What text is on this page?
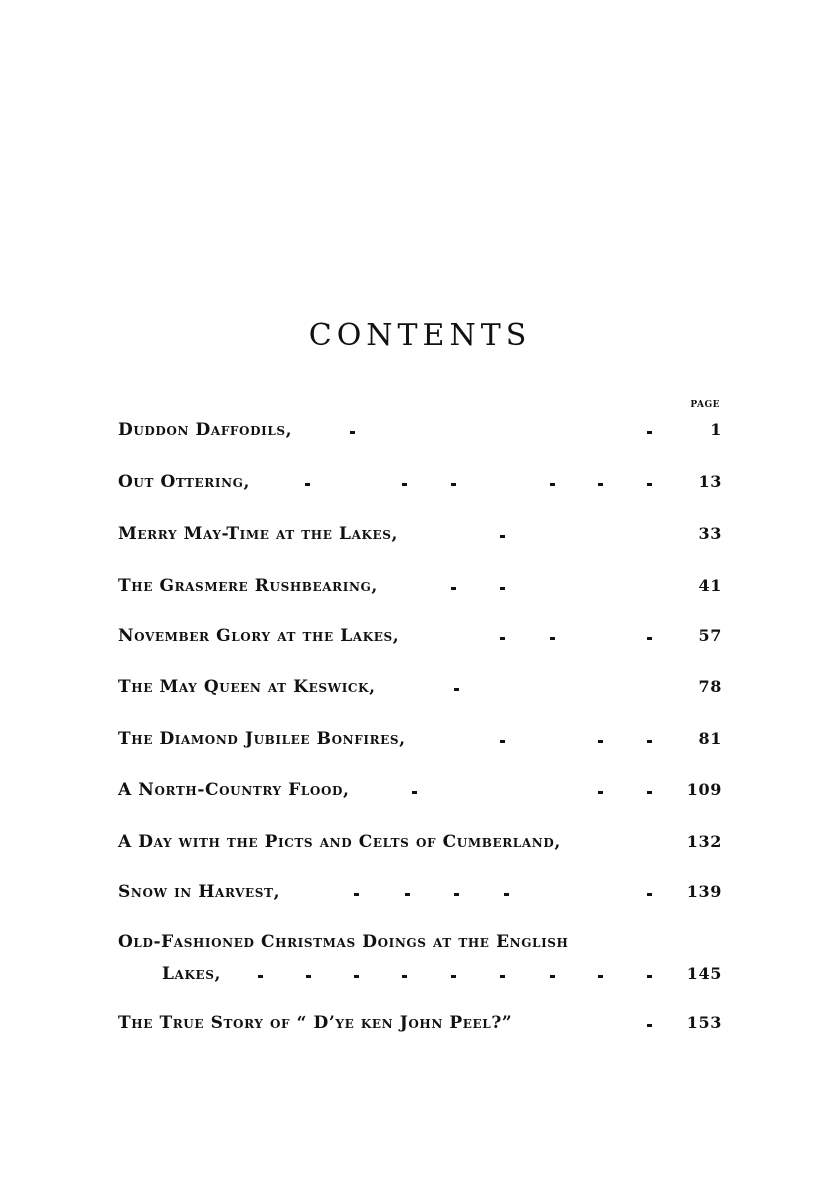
CONTENTS
PAGE
Duddon Daffodils,	1
Out Ottering,	13
Merry May-Time at the Lakes,	33
The Grasmere Rushbearing,	41
November Glory at the Lakes,	57
The May Queen at Keswick,	78
The Diamond Jubilee Bonfires,	81
A North-Country Flood,	109
A Day with the Picts and Celts of Cumberland,	132
Snow in Harvest,	139
Old-Fashioned Christmas Doings at the English
Lakes,	145
The True Story of “ D’ye ken John Peel?”	153
